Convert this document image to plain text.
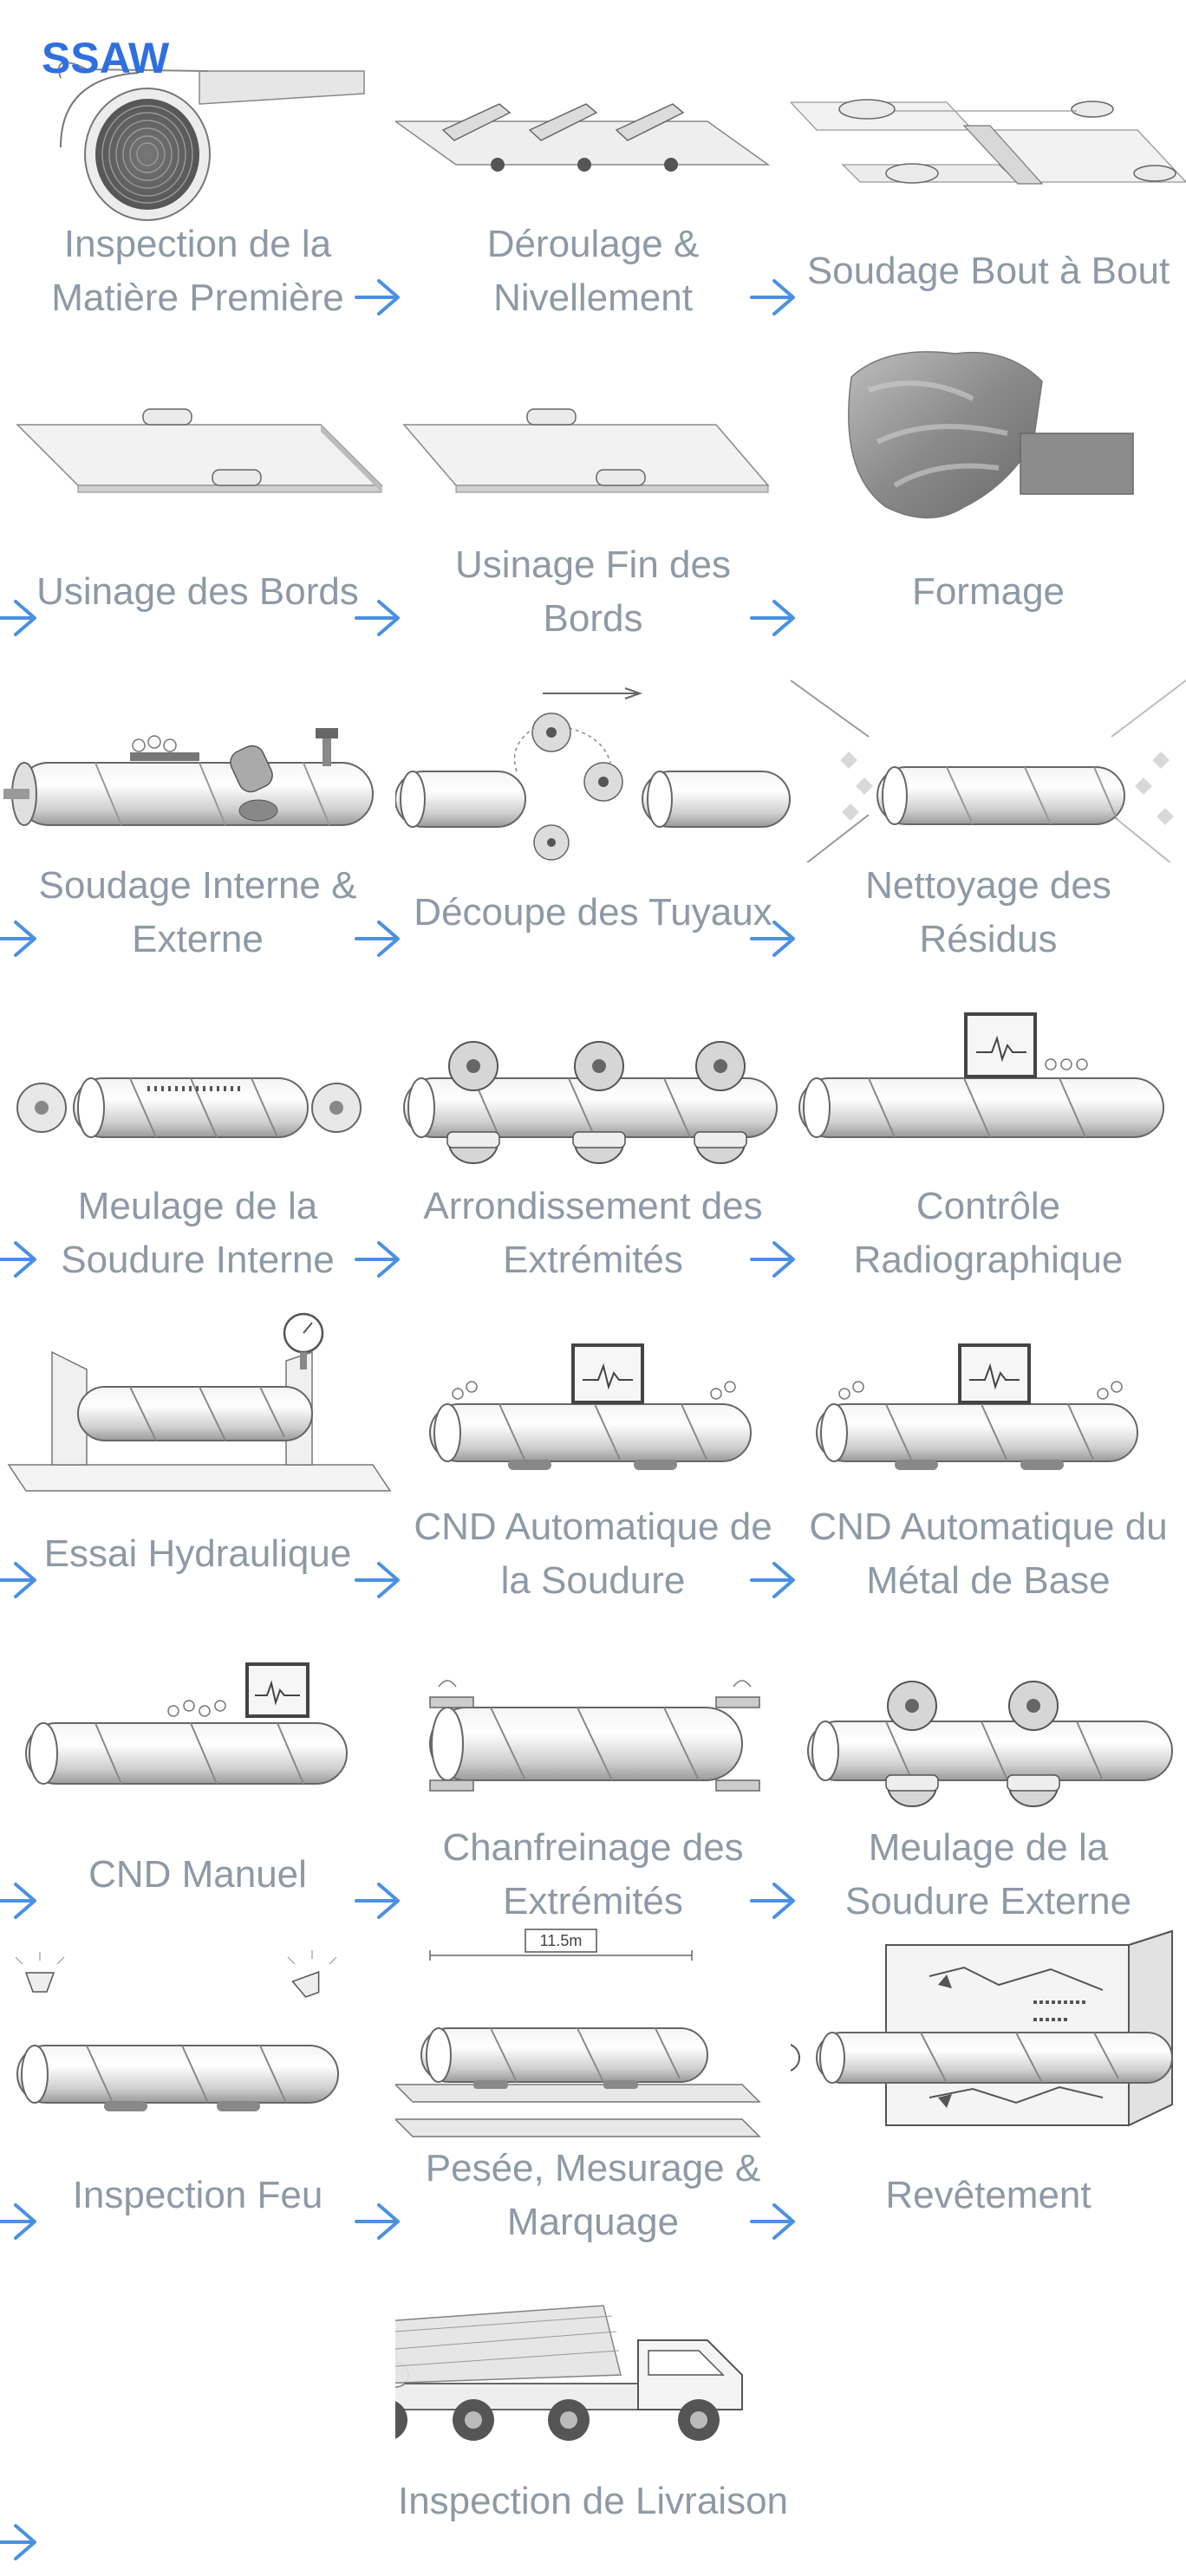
SSAW
Inspection de la Matière Première
Déroulage & Nivellement
Soudage Bout à Bout
Usinage des Bords
Usinage Fin des Bords
Formage
Soudage Interne & Externe
Découpe des Tuyaux
Nettoyage des Résidus
Meulage de la Soudure Interne
Arrondissement des Extrémités
Contrôle Radiographique
Essai Hydraulique
CND Automatique de la Soudure
CND Automatique du Métal de Base
CND Manuel
Chanfreinage des Extrémités
Meulage de la Soudure Externe
Inspection Feu
11.5m
Pesée, Mesurage & Marquage
Revêtement
Inspection de Livraison
